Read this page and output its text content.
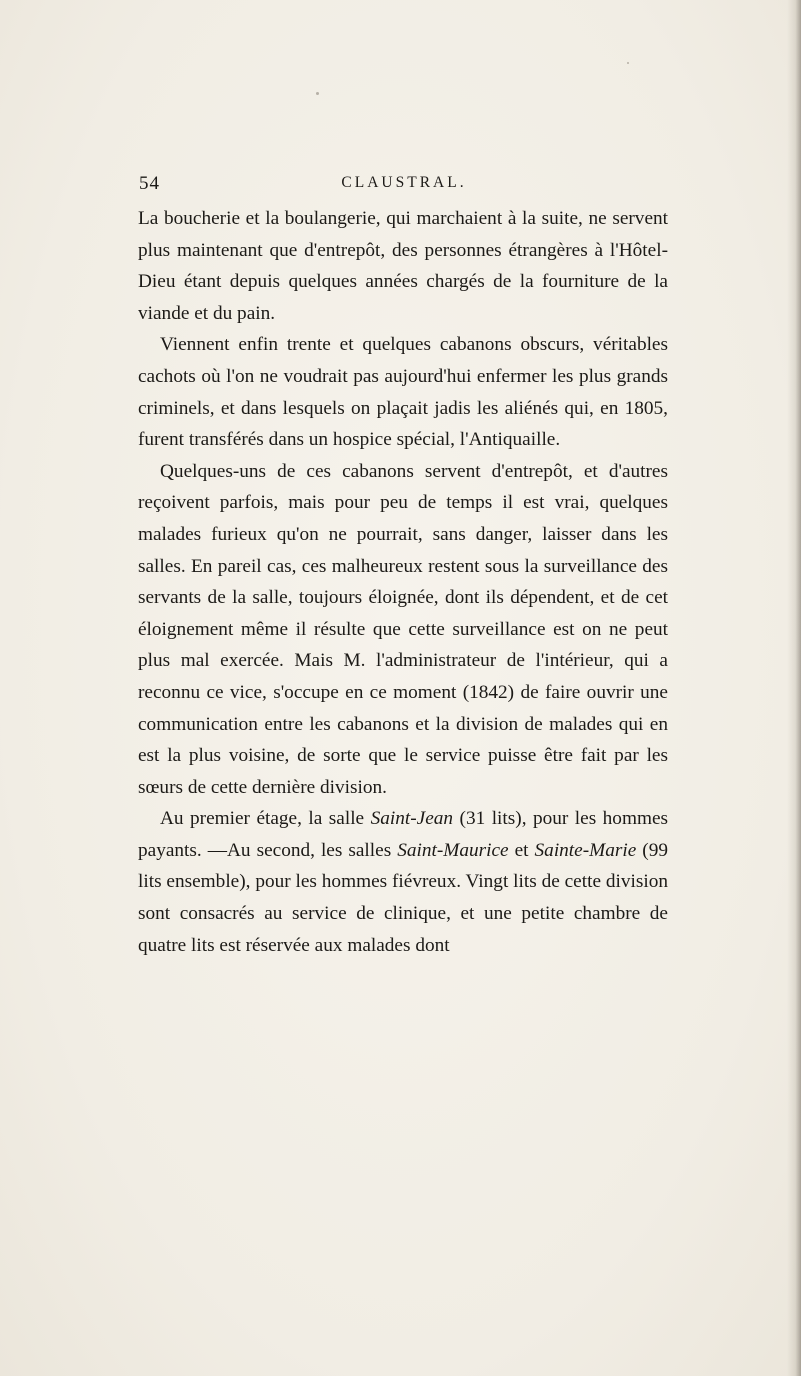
54	CLAUSTRAL.

La boucherie et la boulangerie, qui marchaient à la suite, ne servent plus maintenant que d'entrepôt, des personnes étrangères à l'Hôtel-Dieu étant depuis quelques années chargés de la fourniture de la viande et du pain.

Viennent enfin trente et quelques cabanons obscurs, véritables cachots où l'on ne voudrait pas aujourd'hui enfermer les plus grands criminels, et dans lesquels on plaçait jadis les aliénés qui, en 1805, furent transférés dans un hospice spécial, l'Antiquaille.

Quelques-uns de ces cabanons servent d'entrepôt, et d'autres reçoivent parfois, mais pour peu de temps il est vrai, quelques malades furieux qu'on ne pourrait, sans danger, laisser dans les salles. En pareil cas, ces malheureux restent sous la surveillance des servants de la salle, toujours éloignée, dont ils dépendent, et de cet éloignement même il résulte que cette surveillance est on ne peut plus mal exercée. Mais M. l'administrateur de l'intérieur, qui a reconnu ce vice, s'occupe en ce moment (1842) de faire ouvrir une communication entre les cabanons et la division de malades qui en est la plus voisine, de sorte que le service puisse être fait par les sœurs de cette dernière division.

Au premier étage, la salle Saint-Jean (31 lits), pour les hommes payants. —Au second, les salles Saint-Maurice et Sainte-Marie (99 lits ensemble), pour les hommes fiévreux. Vingt lits de cette division sont consacrés au service de clinique, et une petite chambre de quatre lits est réservée aux malades dont
